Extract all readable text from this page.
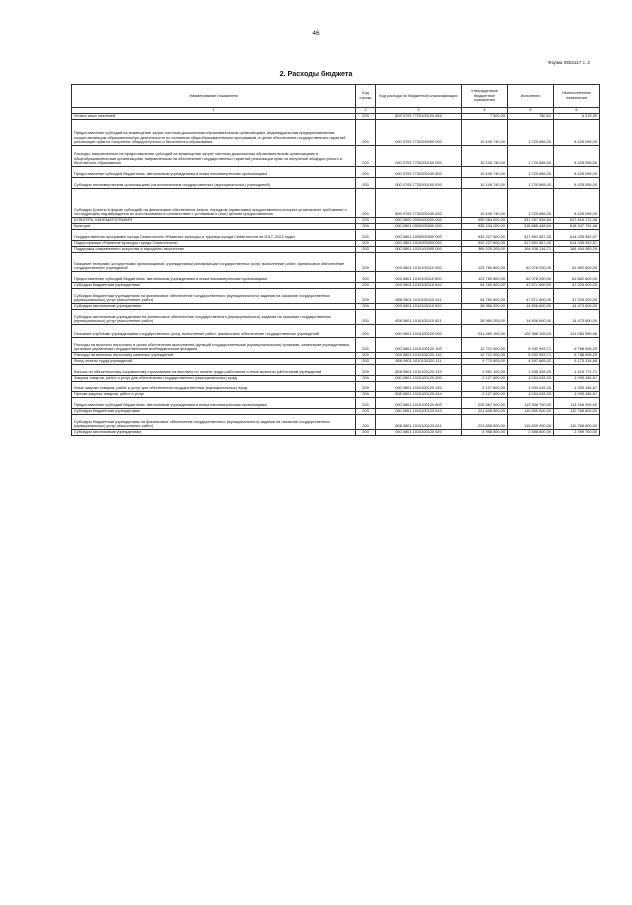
46
Форма 0503117 с. 2
2. Расходы бюджета
Наименование показателя	Код строки	Код расхода по бюджетной классификации	Утвержденные бюджетные назначения	Исполнено	Неисполненные назначения
1	2	3	4	5	6
Уплата иных платежей	200	809 0709 7720100100 853	7 000,00	780,61	6 219,39
Предоставление субсидий на возмещение затрат частным дошкольным образовательным организациям, индивидуальным предпринимателям, осуществляющим образовательную деятельность по основным общеобразовательным программам, в целях обеспечения государственных гарантий реализации прав на получение общедоступного и бесплатного образования	200	000 0709 7720200000 000	10 145 740,00	1 720 685,00	8 425 055,00
Расходы, направленные на предоставление субсидий на возмещение затрат частным дошкольным образовательным организациям и общеобразовательным организациям, направленным на обеспечение государственных гарантий реализации прав на получение общедоступного и бесплатного образования	200	000 0709 7720200100 000	10 145 740,00	1 720 685,00	8 425 055,00
Предоставление субсидий бюджетным, автономным учреждениям и иным некоммерческим организациям	200	000 0709 7720200100 600	10 145 740,00	1 720 685,00	8 425 055,00
Субсидии некоммерческим организациям (за исключением государственных (муниципальных) учреждений)	200	000 0709 7720200100 630	10 145 740,00	1 720 685,00	8 425 055,00
Субсидии (гранты в форме субсидий) на финансовое обеспечение затрат, порядком (правилами) предоставления которых установлено требование о последующем подтверждении их использования в соответствии с условиями и (или) целями предоставления	200	809 0709 7720200100 632	10 145 740,00	1 720 685,00	8 425 055,00
КУЛЬТУРА, КИНЕМАТОГРАФИЯ	200	000 0800 0000000000 000	959 084 000,00	331 267 828,84	627 816 171,46
Культура	200	000 0801 0000000000 000	935 234 200,00	316 886 448,54	618 347 751,46
Государственная программа города Севастополя «Развитие культуры и туризма города Севастополя на 2017–2022 годы»	200	000 0801 1000000000 000	932 227 600,00	317 891 657,43	614 335 942,57
Подпрограмма «Развитие культуры города Севастополя»	200	000 0801 1010000000 000	932 227 600,00	317 891 657,43	614 335 942,57
Поддержка современного искусства и народного творчества	200	000 0801 1010100000 000	369 320 200,00	184 916 116,71	184 404 083,29
Оказание театрами, концертными организациями, учреждениями кинофикации государственных услуг, выполнение работ, финансовое обеспечение государственных учреждений	200	000 0801 1010100110 000	123 760 800,00	62 078 200,00	61 682 600,00
Предоставление субсидий бюджетным, автономным учреждениям и иным некоммерческим организациям	200	000 0801 1010100110 600	123 760 800,00	62 078 200,00	61 682 600,00
Субсидии бюджетным учреждениям	200	000 0801 1010100110 610	94 780 600,00	47 571 600,00	47 209 000,00
Субсидии бюджетным учреждениям на финансовое обеспечение государственного (муниципального) задания на оказание государственных (муниципальных) услуг (выполнение работ)	200	808 0801 1010100110 611	94 780 600,00	47 571 600,00	47 209 000,00
Субсидии автономным учреждениям	200	000 0801 1010100110 620	28 980 200,00	14 506 600,00	14 473 600,00
Субсидии автономным учреждениям на финансовое обеспечение государственного (муниципального) задания на оказание государственных (муниципальных) услуг (выполнение работ)	200	808 0801 1010100110 621	28 980 200,00	14 506 600,00	14 473 600,00
Оказание клубными учреждениями государственных услуг, выполнение работ, финансовое обеспечение государственных учреждений	200	000 0801 1010100120 000	241 450 100,00	120 366 109,04	121 083 990,96
Расходы на выплаты персоналу в целях обеспечения выполнения функций государственными (муниципальными) органами, казенными учреждениями, органами управления государственными внебюджетными фондами	200	000 0801 1010100120 100	12 721 900,00	5 932 993,71	6 788 906,29
Расходы на выплаты персоналу казенных учреждений	200	000 0801 1010100120 110	12 721 900,00	5 932 993,71	6 788 906,29
Фонд оплаты труда учреждений	200	808 0801 1010100120 111	9 770 800,00	4 597 665,42	5 173 134,58
Взносы по обязательному социальному страхованию на выплаты по оплате труда работников и иные выплаты работникам учреждений	200	808 0801 1010100120 119	2 951 100,00	1 335 328,29	1 615 771,71
Закупка товаров, работ и услуг для обеспечения государственных (муниципальных) нужд	200	000 0801 1010100120 200	2 127 600,00	1 034 415,33	1 093 184,67
Иные закупки товаров, работ и услуг для обеспечения государственных (муниципальных) нужд	200	000 0801 1010100120 240	2 127 600,00	1 034 415,33	1 093 184,67
Прочая закупка товаров, работ и услуг	200	808 0801 1010100120 244	2 127 600,00	1 034 415,33	1 093 184,67
Предоставление субсидий бюджетным, автономным учреждениям и иным некоммерческим организациям	200	000 0801 1010100120 600	226 567 000,00	113 398 700,00	113 168 300,00
Субсидии бюджетным учреждениям	200	000 0801 1010100120 610	221 608 500,00	110 839 900,00	110 768 600,00
Субсидии бюджетным учреждениям на финансовое обеспечение государственного (муниципального) задания на оказание государственных (муниципальных) услуг (выполнение работ)	200	808 0801 1010100120 611	221 608 500,00	110 839 900,00	110 768 600,00
Субсидии автономным учреждениям	200	000 0801 1010100120 620	4 958 500,00	2 558 800,00	2 399 700,00
